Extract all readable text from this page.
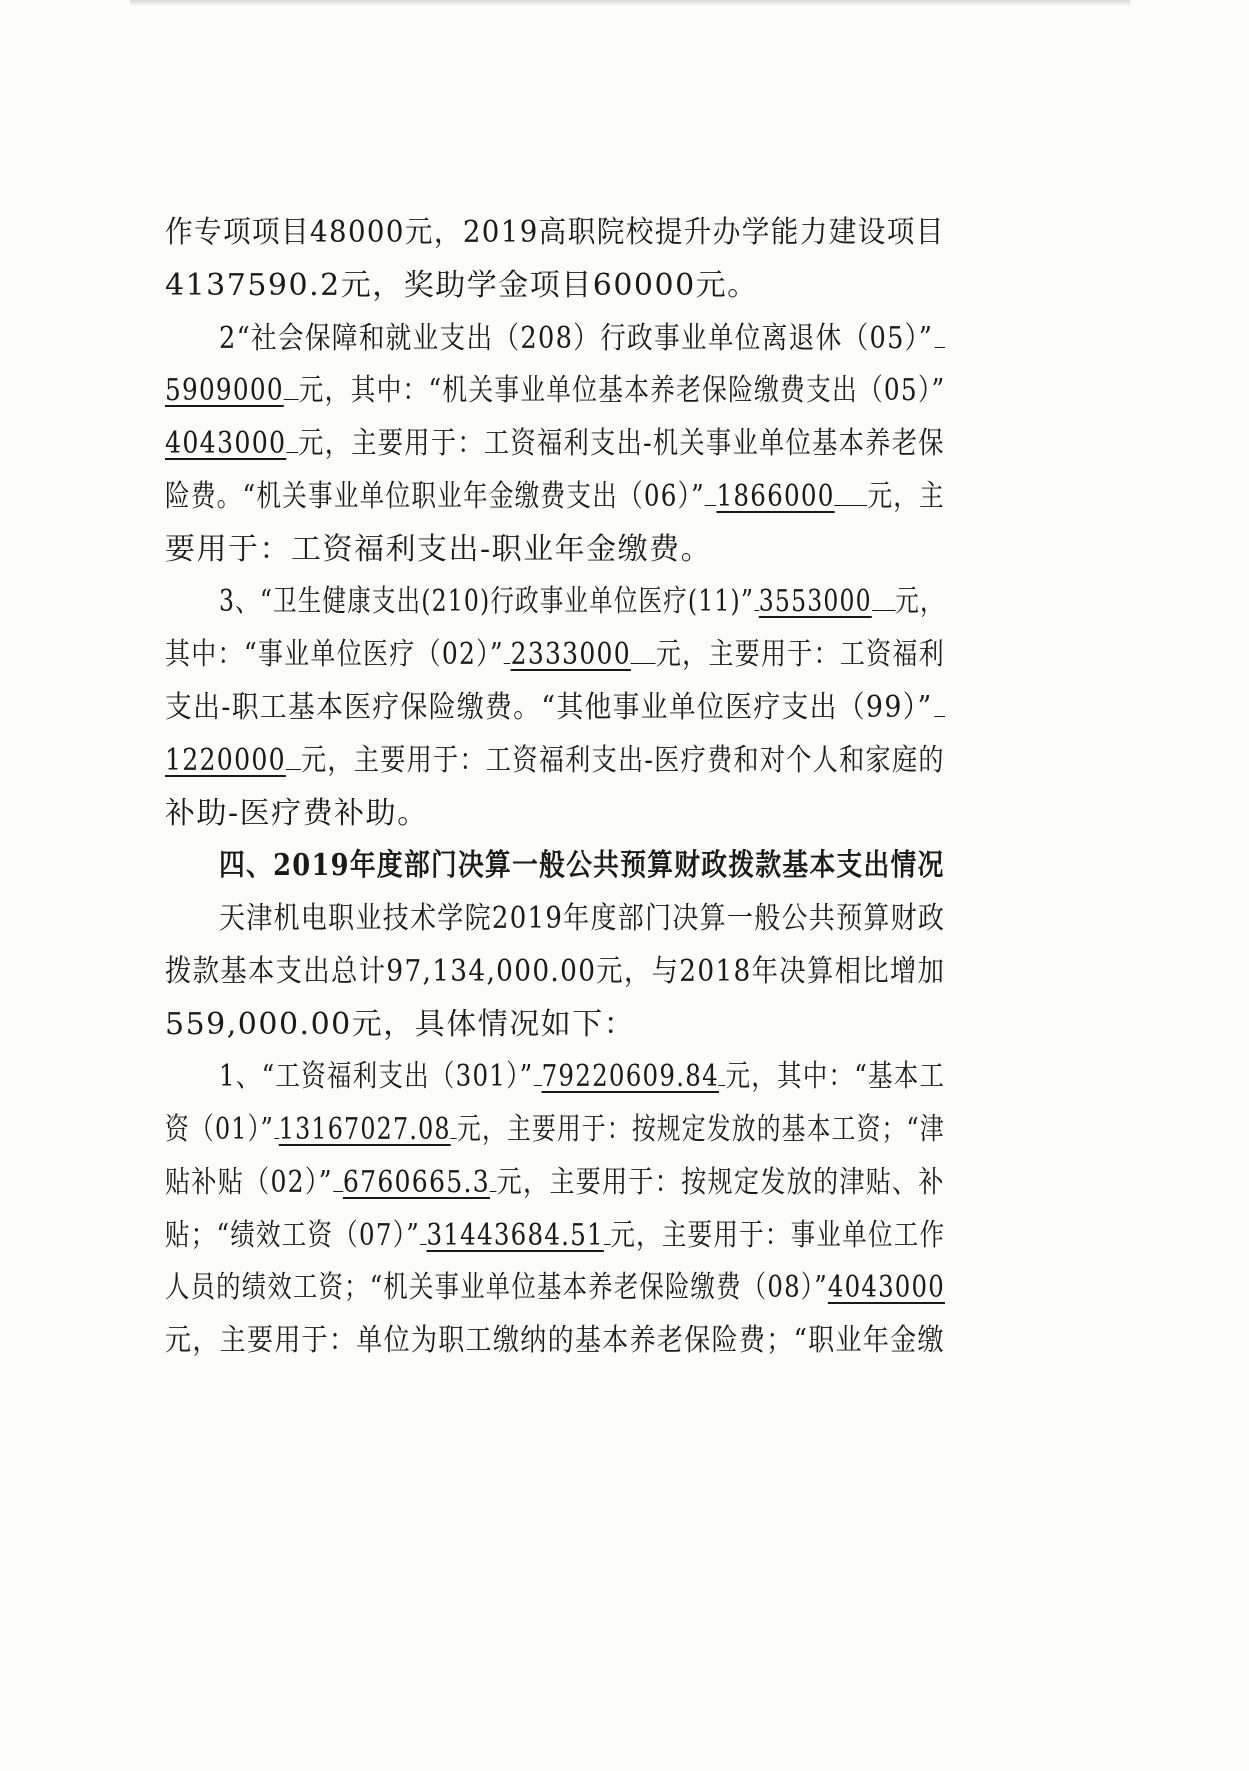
作专项项目48000元，2019高职院校提升办学能力建设项目
4137590.2元，奖助学金项目60000元。
2“社会保障和就业支出（208）行政事业单位离退休（05）”
5909000 元，其中：“机关事业单位基本养老保险缴费支出（05）”
4043000 元，主要用于：工资福利支出-机关事业单位基本养老保
险费。“机关事业单位职业年金缴费支出（06）” 1866000 元，主
要用于：工资福利支出-职业年金缴费。
3、“卫生健康支出(210)行政事业单位医疗(11)” 3553000 元，
其中：“事业单位医疗（02）” 2333000 元，主要用于：工资福利
支出-职工基本医疗保险缴费。“其他事业单位医疗支出（99）”
1220000 元，主要用于：工资福利支出-医疗费和对个人和家庭的
补助-医疗费补助。
四、2019年度部门决算一般公共预算财政拨款基本支出情况
天津机电职业技术学院2019年度部门决算一般公共预算财政
拨款基本支出总计97,134,000.00元，与2018年决算相比增加
559,000.00元，具体情况如下：
1、“工资福利支出（301）” 79220609.84 元，其中：“基本工
资（01）” 13167027.08 元，主要用于：按规定发放的基本工资；“津
贴补贴（02）” 6760665.3 元，主要用于：按规定发放的津贴、补
贴；“绩效工资（07）” 31443684.51 元，主要用于：事业单位工作
人员的绩效工资；“机关事业单位基本养老保险缴费（08）”4043000
元，主要用于：单位为职工缴纳的基本养老保险费；“职业年金缴
